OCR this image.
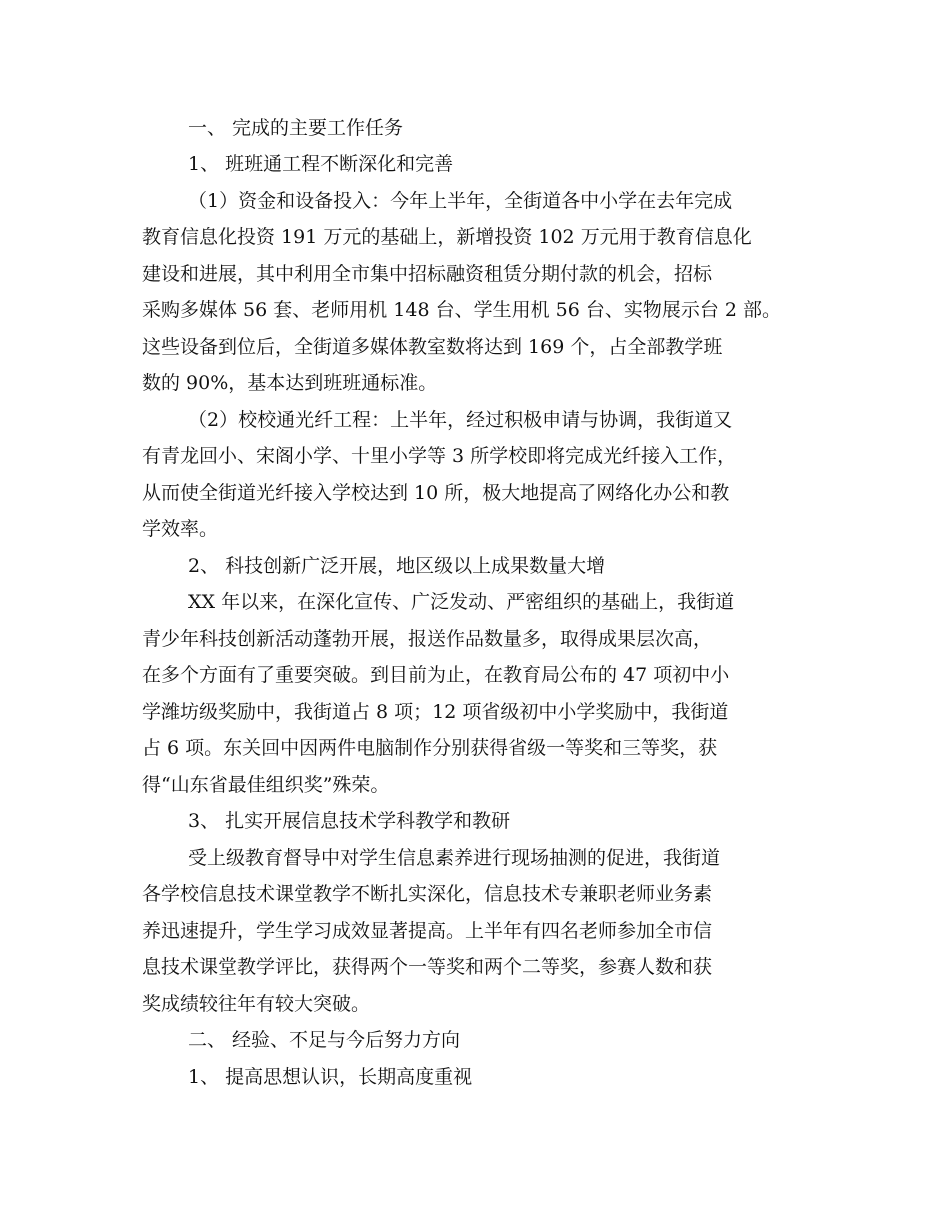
一、 完成的主要工作任务
1、 班班通工程不断深化和完善
（1）资金和设备投入：今年上半年，全街道各中小学在去年完成
教育信息化投资 191 万元的基础上，新增投资 102 万元用于教育信息化
建设和进展，其中利用全市集中招标融资租赁分期付款的机会，招标
采购多媒体 56 套、老师用机 148 台、学生用机 56 台、实物展示台 2 部。
这些设备到位后，全街道多媒体教室数将达到 169 个，占全部教学班
数的 90%，基本达到班班通标准。
（2）校校通光纤工程：上半年，经过积极申请与协调，我街道又
有青龙回小、宋阁小学、十里小学等 3 所学校即将完成光纤接入工作，
从而使全街道光纤接入学校达到 10 所，极大地提高了网络化办公和教
学效率。
2、 科技创新广泛开展，地区级以上成果数量大增
XX 年以来，在深化宣传、广泛发动、严密组织的基础上，我街道
青少年科技创新活动蓬勃开展，报送作品数量多，取得成果层次高，
在多个方面有了重要突破。到目前为止，在教育局公布的 47 项初中小
学潍坊级奖励中，我街道占 8 项；12 项省级初中小学奖励中，我街道
占 6 项。东关回中因两件电脑制作分别获得省级一等奖和三等奖，获
得“山东省最佳组织奖”殊荣。
3、 扎实开展信息技术学科教学和教研
受上级教育督导中对学生信息素养进行现场抽测的促进，我街道
各学校信息技术课堂教学不断扎实深化，信息技术专兼职老师业务素
养迅速提升，学生学习成效显著提高。上半年有四名老师参加全市信
息技术课堂教学评比，获得两个一等奖和两个二等奖，参赛人数和获
奖成绩较往年有较大突破。
二、 经验、不足与今后努力方向
1、 提高思想认识，长期高度重视
